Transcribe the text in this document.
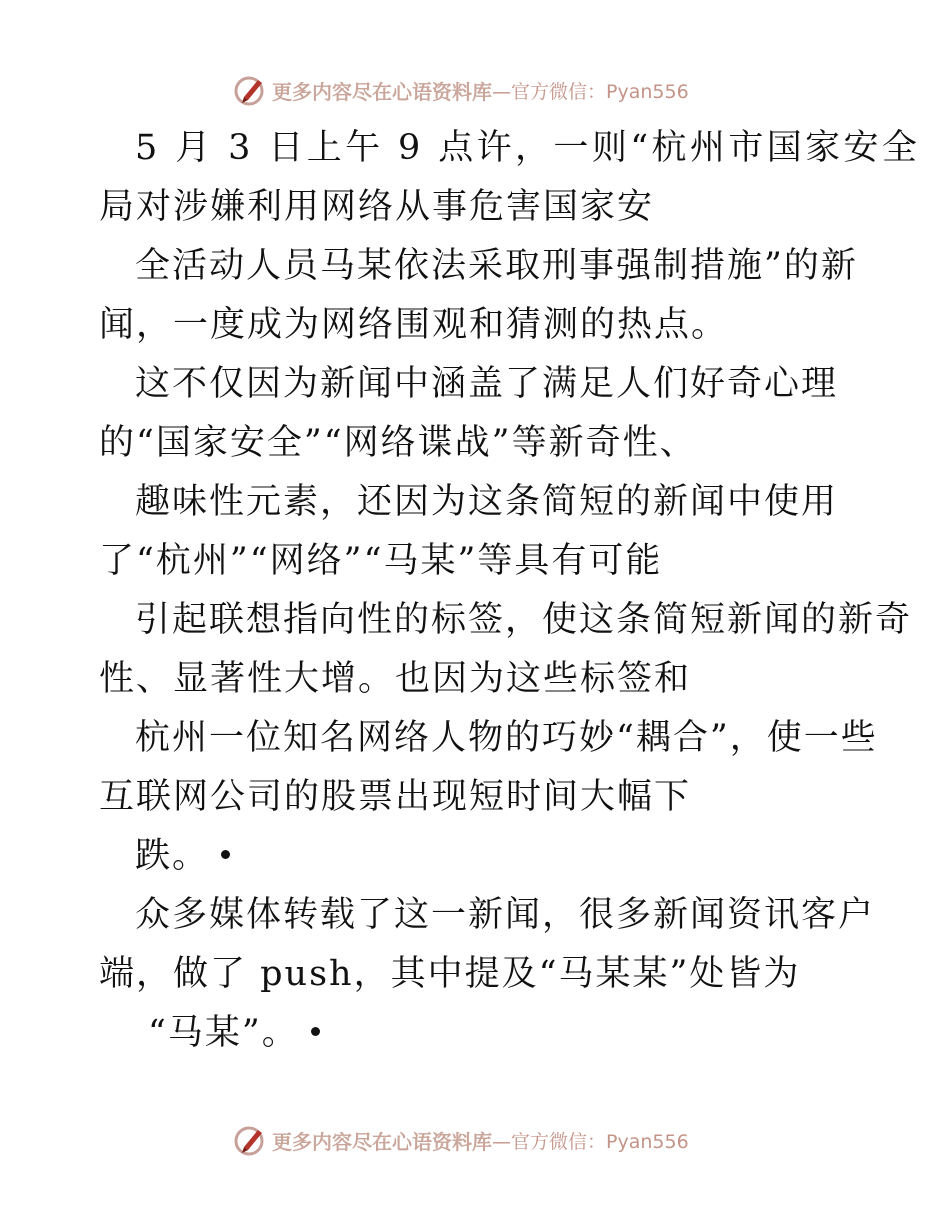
更多内容尽在心语资料库 —官方微信：Pyan556
5 月 3 日上午 9 点许，一则“杭州市国家安全
局对涉嫌利用网络从事危害国家安
全活动人员马某依法采取刑事强制措施”的新
闻，一度成为网络围观和猜测的热点。
这不仅因为新闻中涵盖了满足人们好奇心理
的“国家安全”“网络谍战”等新奇性、
趣味性元素，还因为这条简短的新闻中使用
了“杭州”“网络”“马某”等具有可能
引起联想指向性的标签，使这条简短新闻的新奇
性、显著性大增。也因为这些标签和
杭州一位知名网络人物的巧妙“耦合”，使一些
互联网公司的股票出现短时间大幅下
跌。
众多媒体转载了这一新闻，很多新闻资讯客户
端，做了 push，其中提及“马某某”处皆为
“马某”。
更多内容尽在心语资料库 —官方微信：Pyan556
